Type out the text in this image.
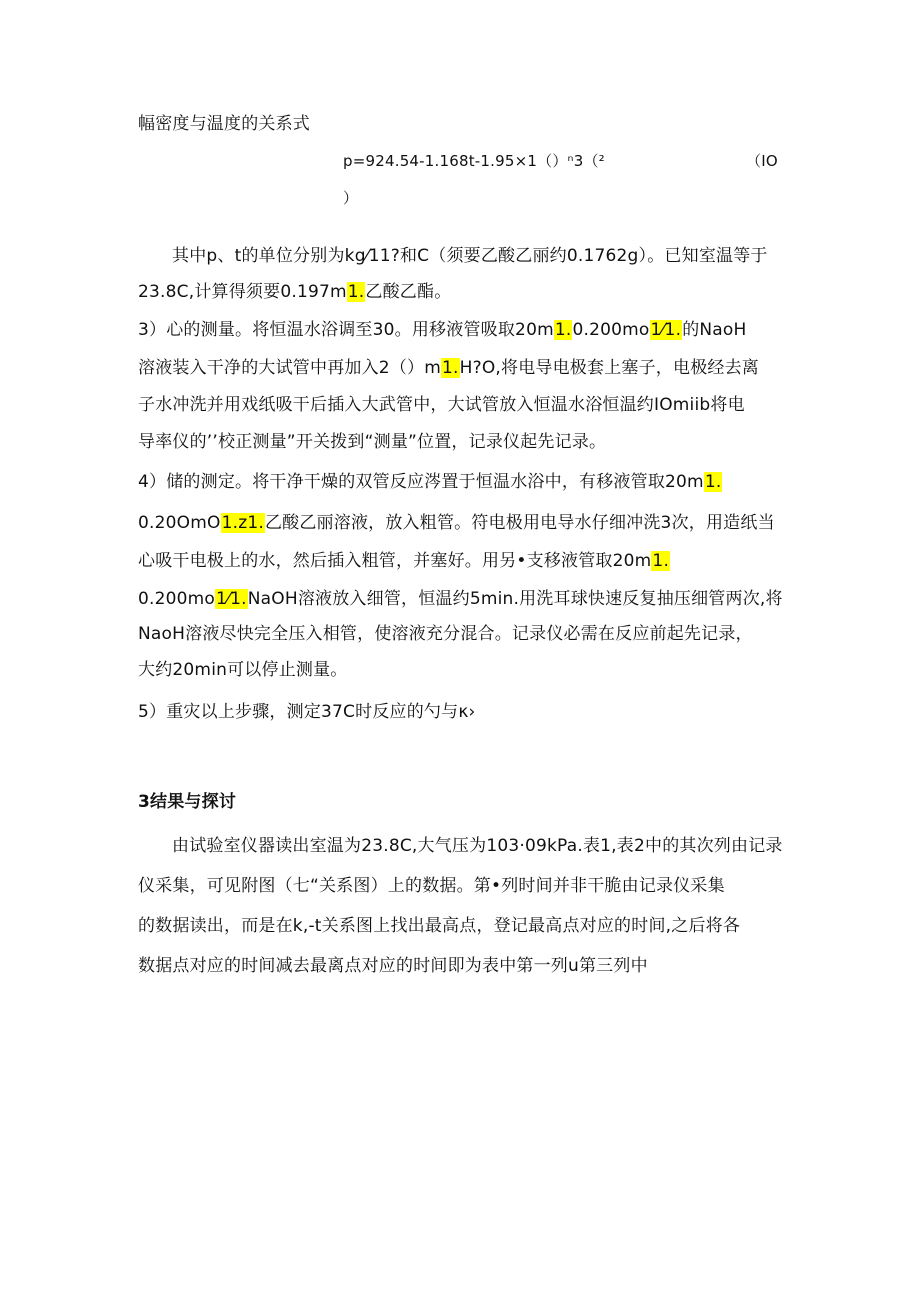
幅密度与温度的关系式
p=924.54-1.168t-1.95×1（）ⁿ3（²	（IO
）
其中p、t的单位分别为kg⁄11?和C（须要乙酸乙丽约0.1762g）。已知室温等于
23.8C,计算得须要0.197m1.乙酸乙酯。
3）心的测量。将恒温水浴调至30。用移液管吸取20m1.0.200mo1⁄1.的NaoH
溶液装入干净的大试管中再加入2（）m1.H?O,将电导电极套上塞子，电极经去离
子水冲洗并用戏纸吸干后插入大武管中，大试管放入恒温水浴恒温约IOmiib将电
导率仪的’’校正测量”开关拨到“测量”位置，记录仪起先记录。
4）储的测定。将干净干燥的双管反应涔置于恒温水浴中，有移液管取20m1.
0.20OmO1.z1.乙酸乙丽溶液，放入粗管。符电极用电导水仔细冲洗3次，用造纸当
心吸干电极上的水，然后插入粗管，并塞好。用另•支移液管取20m1.
0.200mo1⁄1.NaOH溶液放入细管，恒温约5min.用洗耳球快速反复抽压细管两次,将
NaoH溶液尽快完全压入相管，使溶液充分混合。记录仪必需在反应前起先记录，
大约20min可以停止测量。
5）重灾以上步骤，测定37C时反应的勺与κ›
3结果与探讨
由试验室仪器读出室温为23.8C,大气压为103·09kPa.表1,表2中的其次列由记录
仪采集，可见附图（七“关系图）上的数据。第•列时间并非干脆由记录仪采集
的数据读出，而是在k,-t关系图上找出最高点，登记最高点对应的时间,之后将各
数据点对应的时间减去最离点对应的时间即为表中第一列u第三列中
